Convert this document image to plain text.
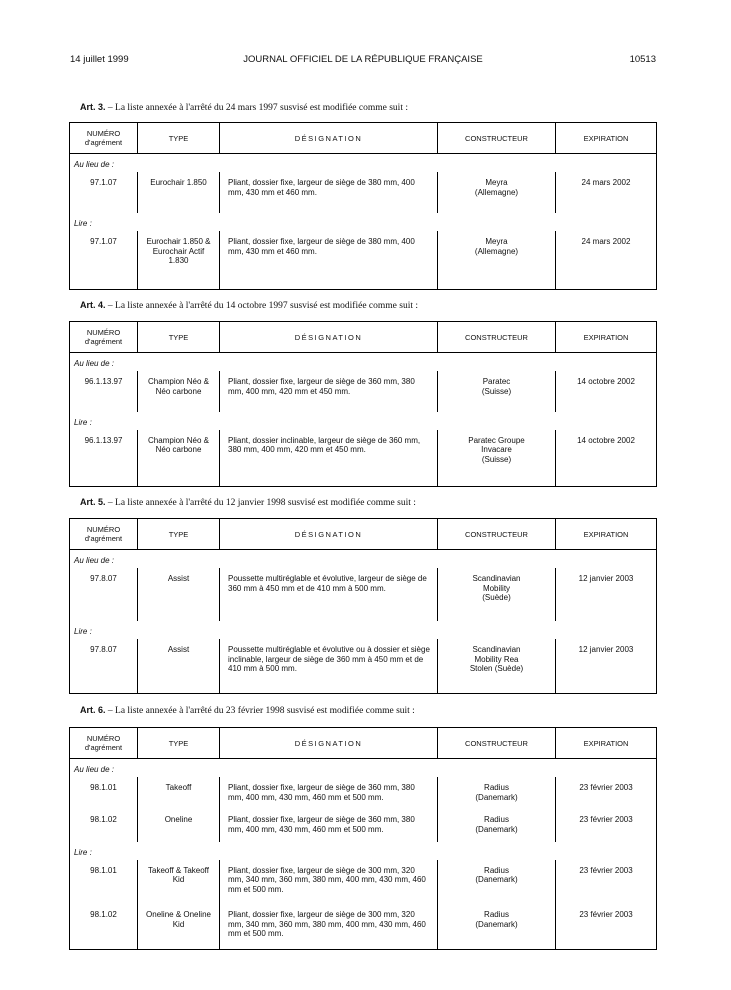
14 juillet 1999	JOURNAL OFFICIEL DE LA RÉPUBLIQUE FRANÇAISE	10513
Art. 3. – La liste annexée à l'arrêté du 24 mars 1997 susvisé est modifiée comme suit :
NUMÉRO
d'agrément	TYPE	DÉSIGNATION	CONSTRUCTEUR	EXPIRATION

Au lieu de :				
97.1.07	Eurochair 1.850	Pliant, dossier fixe, largeur de siège de 380 mm, 400 mm, 430 mm et 460 mm.	Meyra (Allemagne)	24 mars 2002

Lire :				
97.1.07	Eurochair 1.850 & Eurochair Actif 1.830	Pliant, dossier fixe, largeur de siège de 380 mm, 400 mm, 430 mm et 460 mm.	Meyra (Allemagne)	24 mars 2002

Art. 4. – La liste annexée à l'arrêté du 14 octobre 1997 susvisé est modifiée comme suit :
NUMÉRO
d'agrément	TYPE	DÉSIGNATION	CONSTRUCTEUR	EXPIRATION

Au lieu de :				
96.1.13.97	Champion Néo & Néo carbone	Pliant, dossier fixe, largeur de siège de 360 mm, 380 mm, 400 mm, 420 mm et 450 mm.	Paratec (Suisse)	14 octobre 2002

Lire :				
96.1.13.97	Champion Néo & Néo carbone	Pliant, dossier inclinable, largeur de siège de 360 mm, 380 mm, 400 mm, 420 mm et 450 mm.	Paratec Groupe Invacare (Suisse)	14 octobre 2002

Art. 5. – La liste annexée à l'arrêté du 12 janvier 1998 susvisé est modifiée comme suit :
NUMÉRO
d'agrément	TYPE	DÉSIGNATION	CONSTRUCTEUR	EXPIRATION

Au lieu de :				
97.8.07	Assist	Poussette multiréglable et évolutive, largeur de siège de 360 mm à 450 mm et de 410 mm à 500 mm.	Scandinavian Mobility (Suède)	12 janvier 2003

Lire :				
97.8.07	Assist	Poussette multiréglable et évolutive ou à dossier et siège inclinable, largeur de siège de 360 mm à 450 mm et de 410 mm à 500 mm.	Scandinavian Mobility Rea Stolen (Suède)	12 janvier 2003

Art. 6. – La liste annexée à l'arrêté du 23 février 1998 susvisé est modifiée comme suit :
NUMÉRO
d'agrément	TYPE	DÉSIGNATION	CONSTRUCTEUR	EXPIRATION

Au lieu de :				
98.1.01	Takeoff	Pliant, dossier fixe, largeur de siège de 360 mm, 380 mm, 400 mm, 430 mm, 460 mm et 500 mm.	Radius (Danemark)	23 février 2003
98.1.02	Oneline	Pliant, dossier fixe, largeur de siège de 360 mm, 380 mm, 400 mm, 430 mm, 460 mm et 500 mm.	Radius (Danemark)	23 février 2003

Lire :				
98.1.01	Takeoff & Takeoff Kid	Pliant, dossier fixe, largeur de siège de 300 mm, 320 mm, 340 mm, 360 mm, 380 mm, 400 mm, 430 mm, 460 mm et 500 mm.	Radius (Danemark)	23 février 2003
98.1.02	Oneline & Oneline Kid	Pliant, dossier fixe, largeur de siège de 300 mm, 320 mm, 340 mm, 360 mm, 380 mm, 400 mm, 430 mm, 460 mm et 500 mm.	Radius (Danemark)	23 février 2003
